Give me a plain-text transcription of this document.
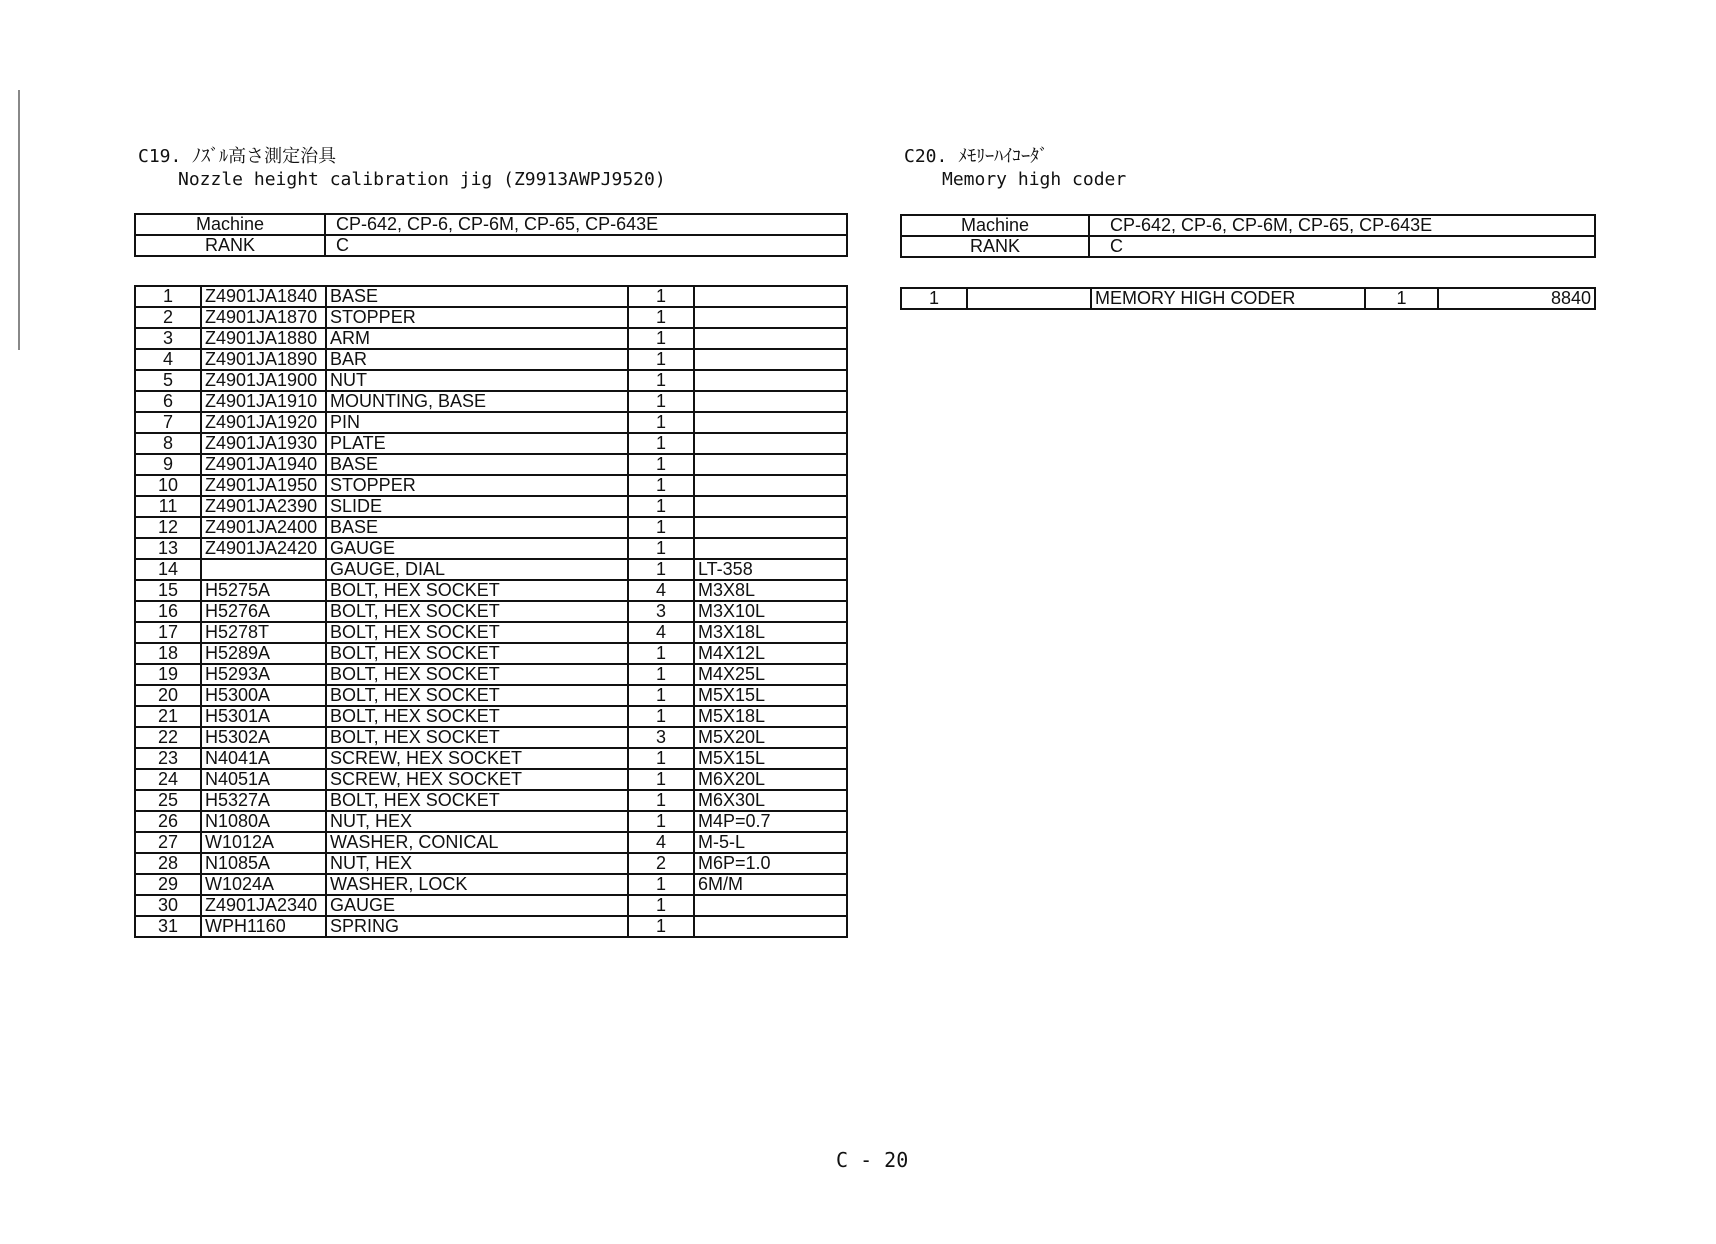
C19. ﾉｽﾞﾙ高さ測定治具
Nozzle height calibration jig (Z9913AWPJ9520)
Machine	CP-642, CP-6, CP-6M, CP-65, CP-643E
RANK	C
1	Z4901JA1840	BASE	1	
2	Z4901JA1870	STOPPER	1	
3	Z4901JA1880	ARM	1	
4	Z4901JA1890	BAR	1	
5	Z4901JA1900	NUT	1	
6	Z4901JA1910	MOUNTING, BASE	1	
7	Z4901JA1920	PIN	1	
8	Z4901JA1930	PLATE	1	
9	Z4901JA1940	BASE	1	
10	Z4901JA1950	STOPPER	1	
11	Z4901JA2390	SLIDE	1	
12	Z4901JA2400	BASE	1	
13	Z4901JA2420	GAUGE	1	
14		GAUGE, DIAL	1	LT-358
15	H5275A	BOLT, HEX SOCKET	4	M3X8L
16	H5276A	BOLT, HEX SOCKET	3	M3X10L
17	H5278T	BOLT, HEX SOCKET	4	M3X18L
18	H5289A	BOLT, HEX SOCKET	1	M4X12L
19	H5293A	BOLT, HEX SOCKET	1	M4X25L
20	H5300A	BOLT, HEX SOCKET	1	M5X15L
21	H5301A	BOLT, HEX SOCKET	1	M5X18L
22	H5302A	BOLT, HEX SOCKET	3	M5X20L
23	N4041A	SCREW, HEX SOCKET	1	M5X15L
24	N4051A	SCREW, HEX SOCKET	1	M6X20L
25	H5327A	BOLT, HEX SOCKET	1	M6X30L
26	N1080A	NUT, HEX	1	M4P=0.7
27	W1012A	WASHER, CONICAL	4	M-5-L
28	N1085A	NUT, HEX	2	M6P=1.0
29	W1024A	WASHER, LOCK	1	6M/M
30	Z4901JA2340	GAUGE	1	
31	WPH1160	SPRING	1	
C20. ﾒﾓﾘｰﾊｲｺｰﾀﾞ
Memory high coder
Machine	CP-642, CP-6, CP-6M, CP-65, CP-643E
RANK	C
1		MEMORY HIGH CODER	1	8840
C - 20
